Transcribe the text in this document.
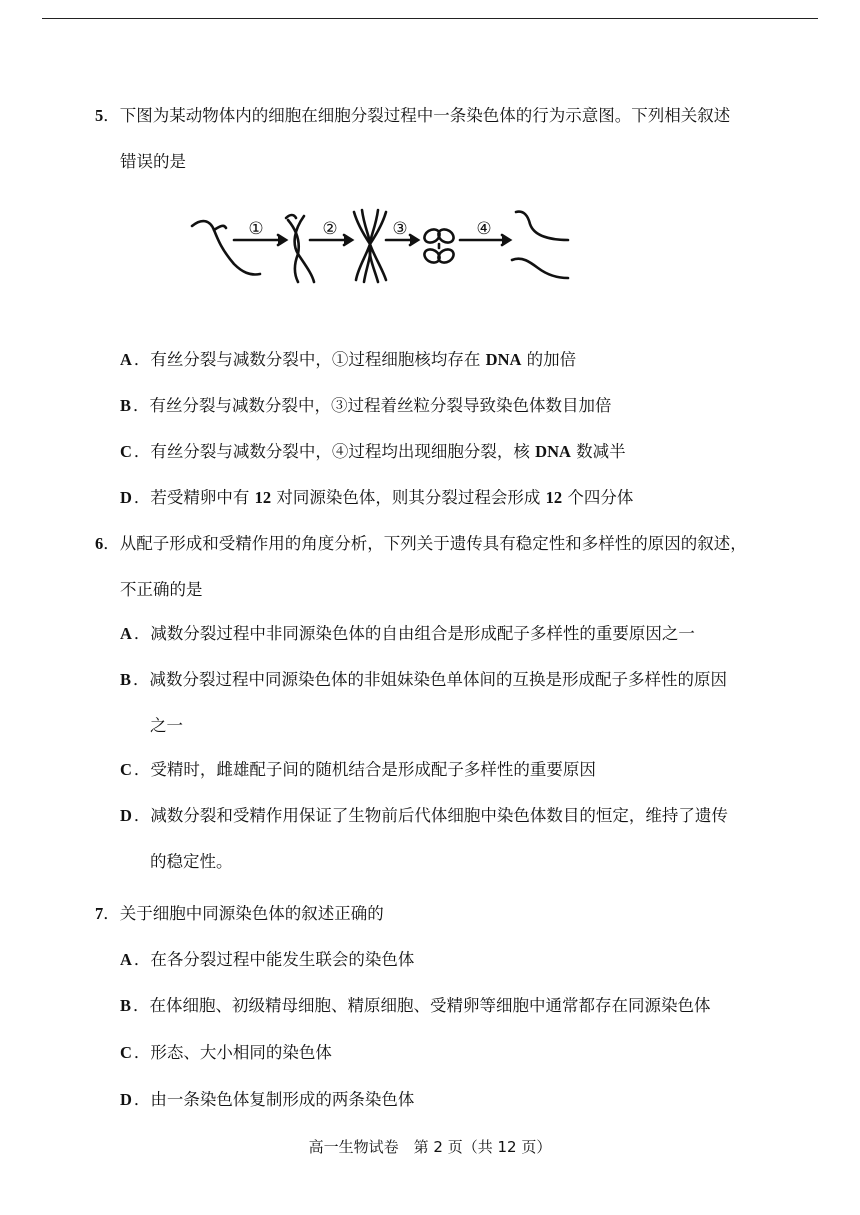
5．下图为某动物体内的细胞在细胞分裂过程中一条染色体的行为示意图。下列相关叙述
错误的是
①	②	③	④
A ．有丝分裂与减数分裂中，①过程细胞核均存在 DNA 的加倍
B ．有丝分裂与减数分裂中，③过程着丝粒分裂导致染色体数目加倍
C ．有丝分裂与减数分裂中，④过程均出现细胞分裂，核 DNA 数减半
D ．若受精卵中有 12 对同源染色体，则其分裂过程会形成 12 个四分体
6．从配子形成和受精作用的角度分析，下列关于遗传具有稳定性和多样性的原因的叙述，
不正确的是
A ．减数分裂过程中非同源染色体的自由组合是形成配子多样性的重要原因之一
B ．减数分裂过程中同源染色体的非姐妹染色单体间的互换是形成配子多样性的原因
之一
C ．受精时，雌雄配子间的随机结合是形成配子多样性的重要原因
D ．减数分裂和受精作用保证了生物前后代体细胞中染色体数目的恒定，维持了遗传
的稳定性。
7．关于细胞中同源染色体的叙述正确的
A ．在各分裂过程中能发生联会的染色体
B ．在体细胞、初级精母细胞、精原细胞、受精卵等细胞中通常都存在同源染色体
C ．形态、大小相同的染色体
D ．由一条染色体复制形成的两条染色体
高一生物试卷　第 2 页（共 12 页）
